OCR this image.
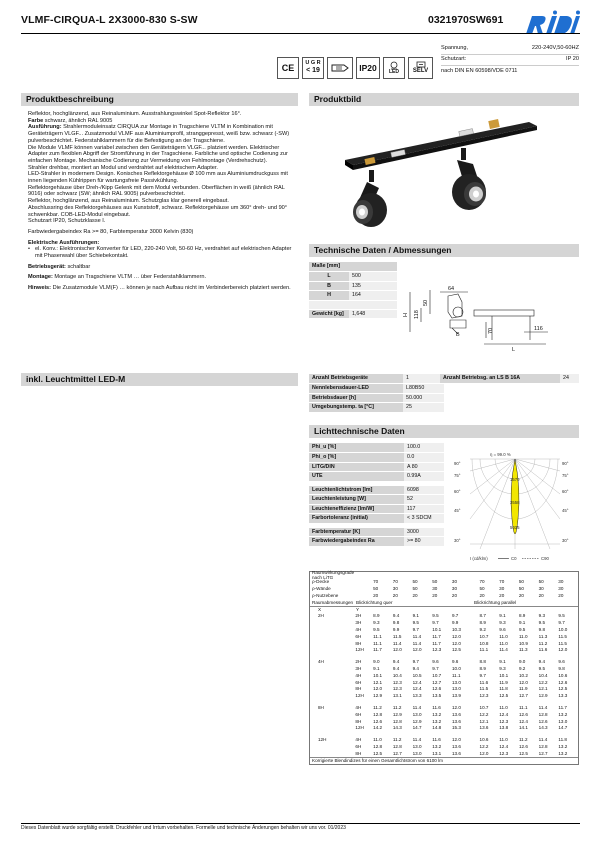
VLMF-CIRQUA-L 2X3000-830 S-SW	0321970SW691
CE	U G R
< 19	IP20	LED SELV
Spannung,	220-240V,50-60HZ
Schutzart:	IP 20
nach DIN EN 60598/VDE 0711
Produktbeschreibung	Produktbild
Technische Daten / Abmessungen
inkl. Leuchtmittel LED-M
Lichttechnische Daten

Reflektor, hochglänzend, aus Reinaluminium. Ausstrahlungswinkel Spot-Reflektor 16°.

Farbe schwarz, ähnlich RAL 9005

Ausführung: Strahlermoduleinsatz CIRQUA zur Montage in Tragschiene VLTM in Kombination mit Geräteträgern VLGF... Zusatzmodul VLMF aus Aluminiumprofil, stranggepresst, weiß bzw. schwarz (-SW) pulverbeschichtet. Federstahlklammern für die Befestigung an der Tragschiene.

Die Module VLMF können variabel zwischen den Geräteträgern VLGF... platziert werden. Elektrischer Adapter zum flexiblen Abgriff der Stromführung in der Tragschiene. Farbliche und optische Codierung zur einfachen Montage. Mechanische Codierung zur Vermeidung von Fehlmontage (Verdrehschutz).

Strahler drehbar, montiert an Modul und verdrahtet auf elektrischem Adapter.

LED-Strahler in modernem Design. Konisches Reflektorgehäuse Ø 100 mm aus Aluminiumdruckguss mit innen liegenden Kühlrippen für wartungsfreie Passivkühlung.

Reflektorgehäuse über Dreh-/Kipp Gelenk mit dem Modul verbunden. Oberflächen in weiß (ähnlich RAL 9016) oder schwarz (SW; ähnlich RAL 9005) pulverbeschichtet.

Reflektor, hochglänzend, aus Reinaluminium. Schutzglas klar generell eingebaut.

Abschlussring des Reflektorgehäuses aus Kunststoff, schwarz. Reflektorgehäuse um 360° dreh- und 90° schwenkbar. COB-LED-Modul eingebaut.

Schutzart IP20, Schutzklasse I.

Farbwiedergabeindex Ra >= 80, Farbtemperatur 3000 Kelvin (830)

Elektrische Ausführungen:

• el. Konv.: Elektronischer Konverter für LED, 220-240 Volt, 50-60 Hz, verdrahtet auf elektrischen Adapter mit Phasenwahl über Schiebekontakt.

Betriebsgerät: schaltbar

Montage: Montage an Tragschiene VLTM … über Federstahlklammern.

Hinweis: Die Zusatzmodule VLM(F) … können je nach Aufbau nicht im Verbinderbereich platziert werden.

Maße [mm]	
L	500
B	135
H	164

Gewicht [kg]	1,648	H 118
50
64
B
70	116
L
Anzahl Betriebsgeräte	1
Nennlebensdauer-LED	L80B50
Betriebsdauer [h]	50.000
Umgebungstemp. ta [°C]	25
Anzahl Betriebsg. an LS B 16A	24
Phi_u [%]	100.0
Phi_o [%]	0.0
LITG/DIN	A 80
UTE	0.99A

Leuchtenlichtstrom [lm]	6098
Leuchtenleistung [W]	52
Leuchteneffizienz [lm/W]	117
Farbortoleranz (initial)	< 3 SDCM

Farbtemperatur [K]	3000
Farbwiedergabeindex Ra	>= 80
η = 99.0 %
90°
75°
60°
45°
30°
90°
75°
60°
45°
30°
1579
3558
5035
I (cd/klm)	C0	C90
Raumwirkungsgrade nach LiTG
ρ-Decke	70	70	50	50	30	70	70	50	50	30
ρ-Wände	50	30	50	30	30	50	30	50	30	30
ρ-Nutzebene	20	20	20	20	20	20	20	20	20	20
Raumabmessungen Blickrichtung quer	Blickrichtung parallel
X	Y
2H	2H	8.9	9.4	9.1	9.5	9.7	8.7	9.1	8.9	9.3	9.5
3H	9.3	9.8	9.5	9.7	9.9	8.9	9.3	9.1	9.5	9.7
4H	9.5	9.9	9.7	10.1	10.3	9.2	9.6	9.5	9.8	10.0
6H	11.1	11.5	11.4	11.7	12.0	10.7	11.0	11.0	11.3	11.5
8H	11.1	11.4	11.4	11.7	12.0	10.8	11.0	10.9	11.2	11.5
12H	11.7	12.0	12.0	12.3	12.5	11.1	11.4	11.3	11.6	12.0
4H	2H	9.0	9.4	9.7	9.6	9.6	8.8	9.1	9.0	9.4	9.6
3H	9.1	9.4	9.4	9.7	10.0	8.9	9.3	9.2	9.5	9.8
4H	10.1	10.4	10.5	10.7	11.1	9.7	10.1	10.2	10.4	10.6
6H	12.1	12.3	12.4	12.7	13.0	11.6	11.9	12.0	12.2	12.6
8H	12.0	12.3	12.4	12.6	13.0	11.5	11.8	11.9	12.1	12.5
12H	12.9	13.1	13.3	13.5	13.9	12.3	12.5	12.7	12.9	13.3
8H	4H	11.2	11.2	11.4	11.6	12.0	10.7	11.0	11.1	11.4	11.7
6H	12.8	12.9	13.0	13.2	13.6	12.2	12.4	12.6	12.8	13.2
8H	12.6	12.8	12.9	13.2	13.6	12.1	12.3	12.4	12.6	13.0
12H	14.2	14.3	14.7	14.8	15.3	13.6	13.8	14.1	14.3	14.7
12H	4H	11.0	11.2	11.4	11.6	12.0	10.6	11.0	11.2	11.4	11.8
6H	12.8	12.8	13.0	13.2	13.6	12.2	12.4	12.6	12.8	13.2
8H	12.5	12.7	13.0	13.1	13.6	12.0	12.3	12.5	12.7	13.2
Korrigierte Blendindizes für einen Gesamtlichtstrom von 6100 lm
Dieses Datenblatt wurde sorgfältig erstellt. Druckfehler und Irrtum vorbehalten. Formelle und technische Änderungen behalten wir uns vor. 01/2023
